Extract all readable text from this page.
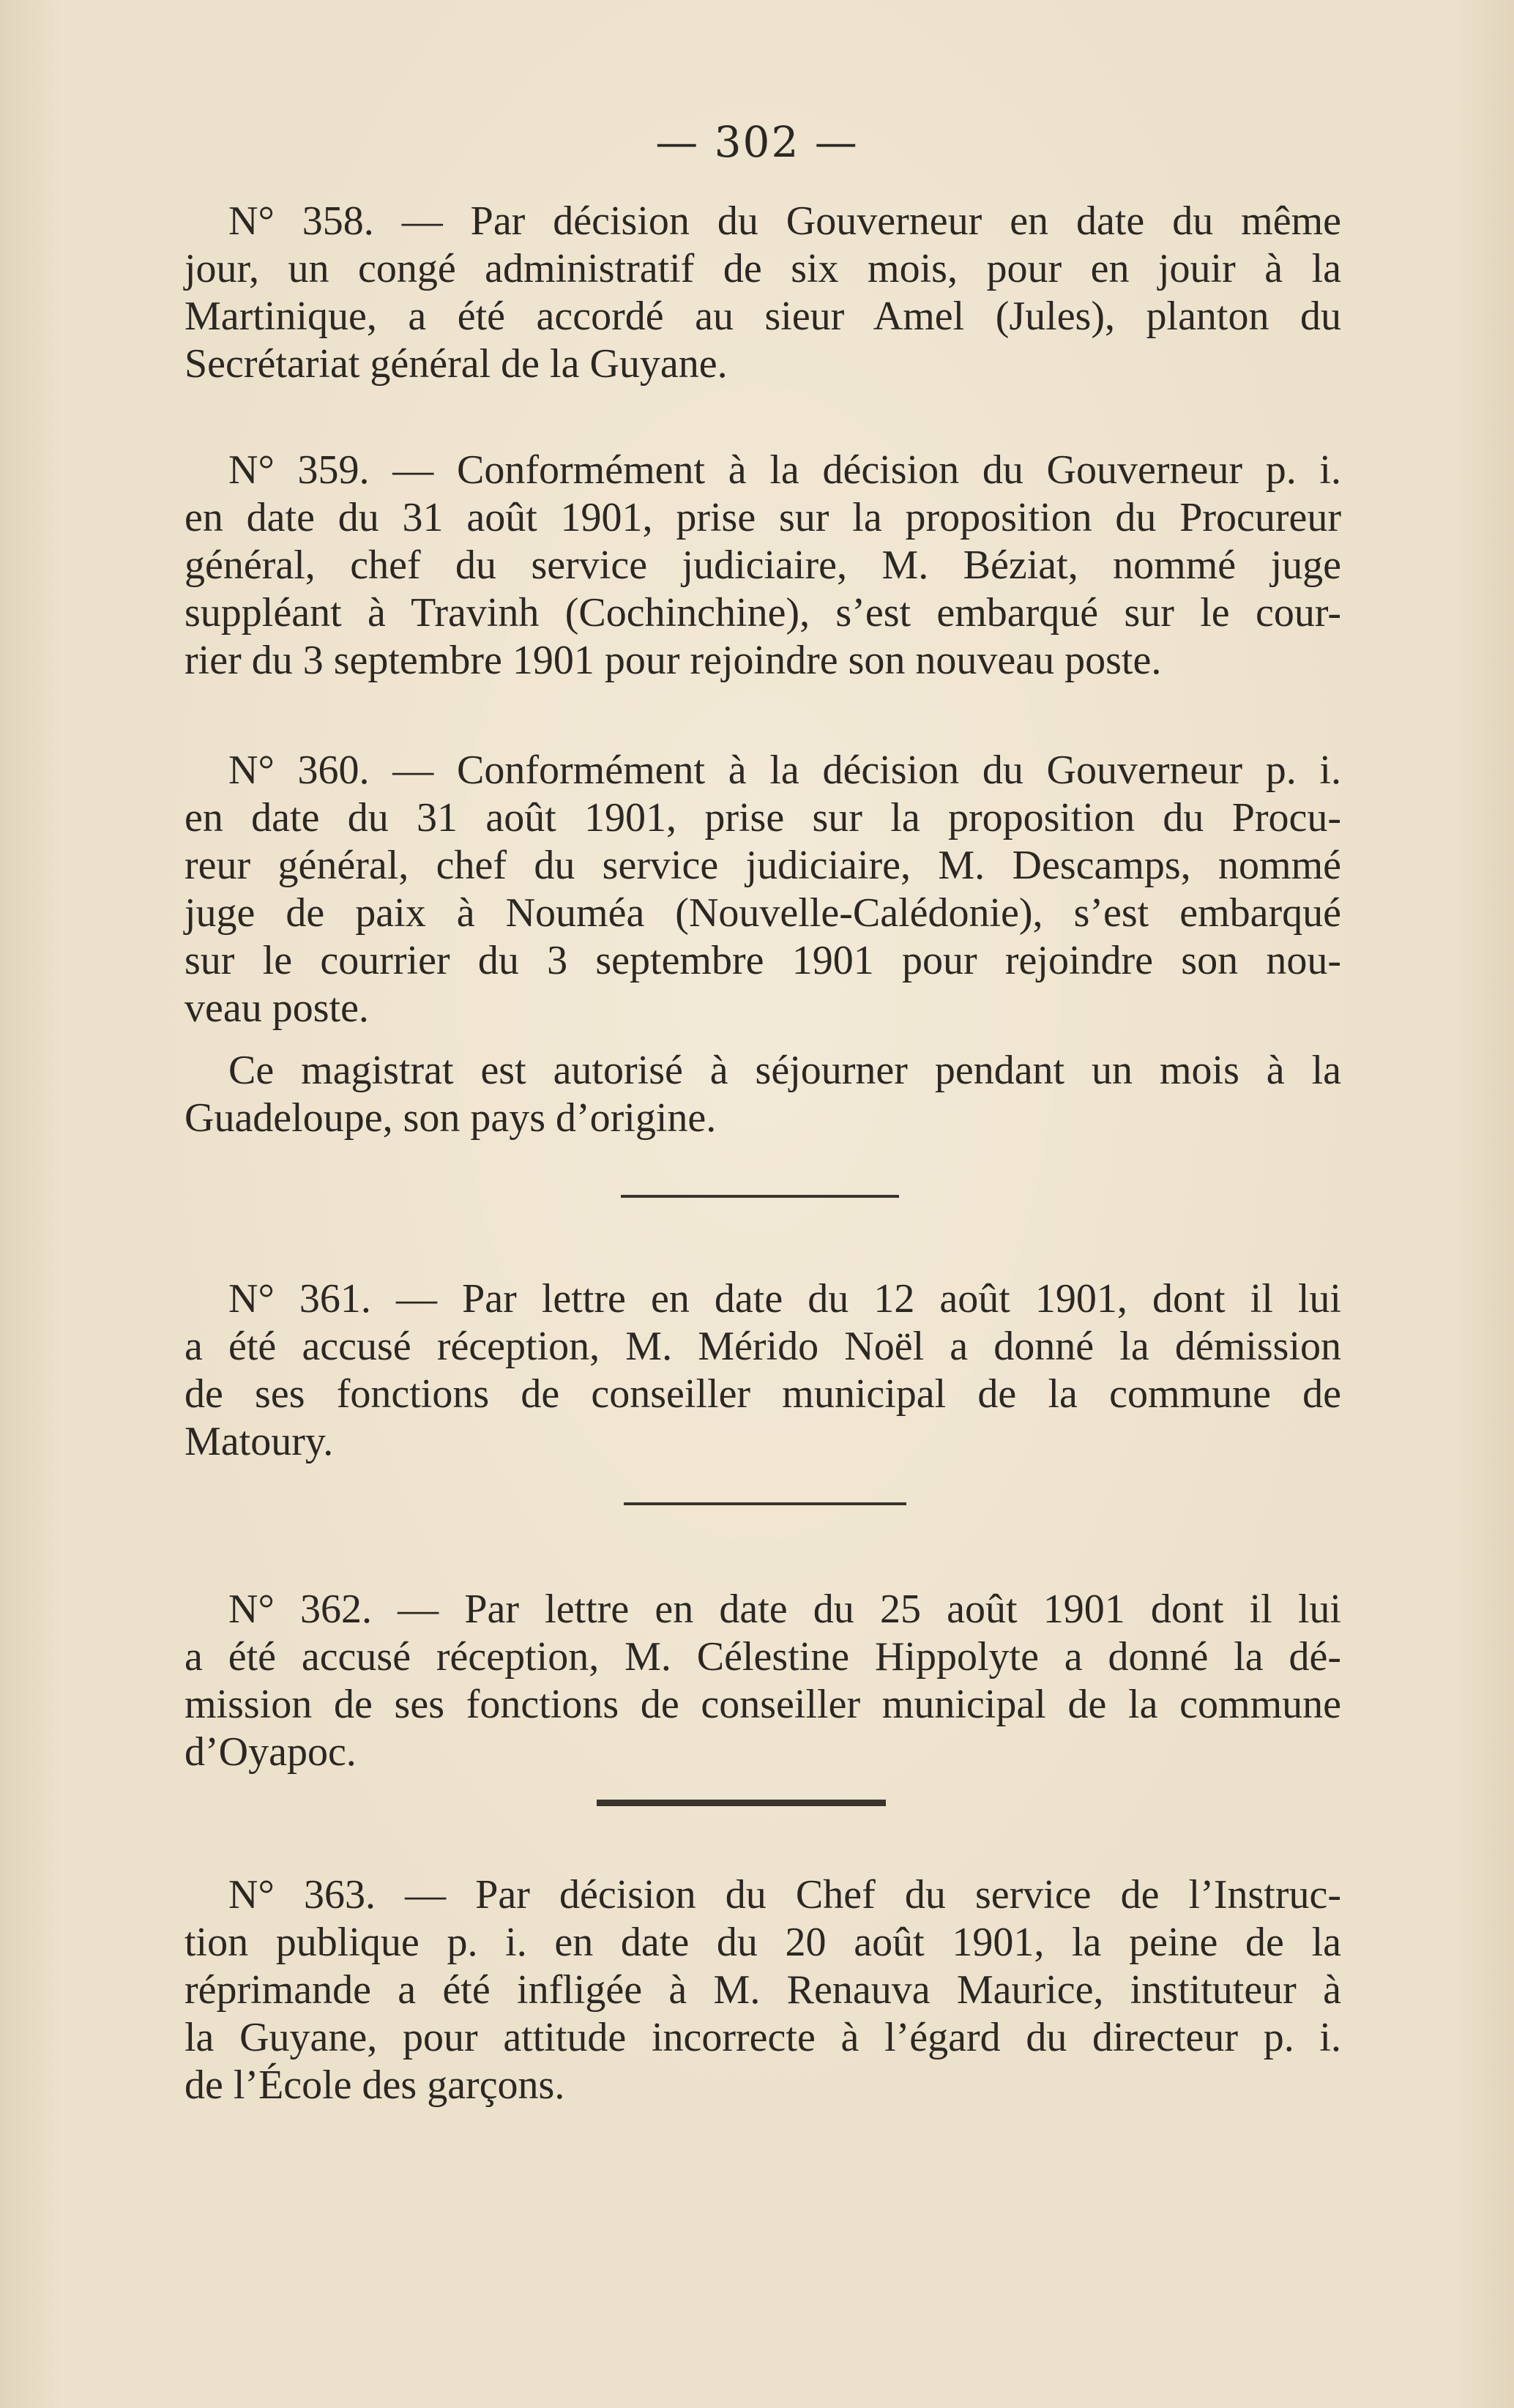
— 302 —
N° 358. — Par décision du Gouverneur en date du même
jour, un congé administratif de six mois, pour en jouir à la
Martinique, a été accordé au sieur Amel (Jules), planton du
Secrétariat général de la Guyane.
N° 359. — Conformément à la décision du Gouverneur p. i.
en date du 31 août 1901, prise sur la proposition du Procureur
général, chef du service judiciaire, M. Béziat, nommé juge
suppléant à Travinh (Cochinchine), s’est embarqué sur le cour-
rier du 3 septembre 1901 pour rejoindre son nouveau poste.
N° 360. — Conformément à la décision du Gouverneur p. i.
en date du 31 août 1901, prise sur la proposition du Procu-
reur général, chef du service judiciaire, M. Descamps, nommé
juge de paix à Nouméa (Nouvelle-Calédonie), s’est embarqué
sur le courrier du 3 septembre 1901 pour rejoindre son nou-
veau poste.
Ce magistrat est autorisé à séjourner pendant un mois à la
Guadeloupe, son pays d’origine.
N° 361. — Par lettre en date du 12 août 1901, dont il lui
a été accusé réception, M. Mérido Noël a donné la démission
de ses fonctions de conseiller municipal de la commune de
Matoury.
N° 362. — Par lettre en date du 25 août 1901 dont il lui
a été accusé réception, M. Célestine Hippolyte a donné la dé-
mission de ses fonctions de conseiller municipal de la commune
d’Oyapoc.
N° 363. — Par décision du Chef du service de l’Instruc-
tion publique p. i. en date du 20 août 1901, la peine de la
réprimande a été infligée à M. Renauva Maurice, instituteur à
la Guyane, pour attitude incorrecte à l’égard du directeur p. i.
de l’École des garçons.
